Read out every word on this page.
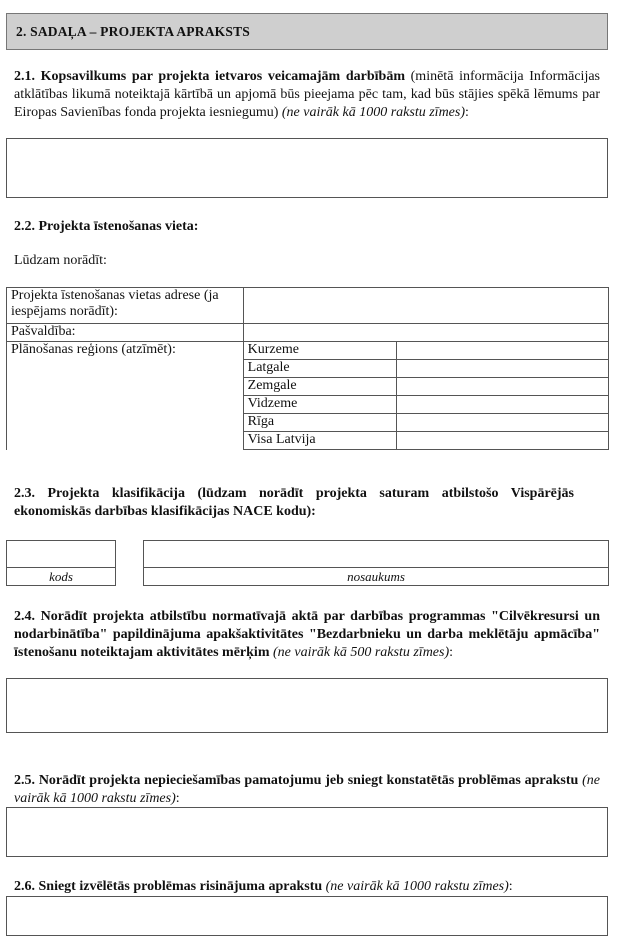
2. SADAĻA – PROJEKTA APRAKSTS
2.1. Kopsavilkums par projekta ietvaros veicamajām darbībām (minētā informācija Informācijas atklātības likumā noteiktajā kārtībā un apjomā būs pieejama pēc tam, kad būs stājies spēkā lēmums par Eiropas Savienības fonda projekta iesniegumu) (ne vairāk kā 1000 rakstu zīmes):
2.2. Projekta īstenošanas vieta:
Lūdzam norādīt:
Projekta īstenošanas vietas adrese (ja iespējams norādīt):		
Pašvaldība:		
Plānošanas reģions (atzīmēt):	Kurzeme	
	Latgale	
	Zemgale	
	Vidzeme	
	Rīga	
	Visa Latvija	
2.3. Projekta klasifikācija (lūdzam norādīt projekta saturam atbilstošo Vispārējās ekonomiskās darbības klasifikācijas NACE kodu):
kods	nosaukums
2.4. Norādīt projekta atbilstību normatīvajā aktā par darbības programmas "Cilvēkresursi un nodarbinātība" papildinājuma apakšaktivitātes "Bezdarbnieku un darba meklētāju apmācība" īstenošanu noteiktajam aktivitātes mērķim (ne vairāk kā 500 rakstu zīmes):
2.5. Norādīt projekta nepieciešamības pamatojumu jeb sniegt konstatētās problēmas aprakstu (ne vairāk kā 1000 rakstu zīmes):
2.6. Sniegt izvēlētās problēmas risinājuma aprakstu (ne vairāk kā 1000 rakstu zīmes):
